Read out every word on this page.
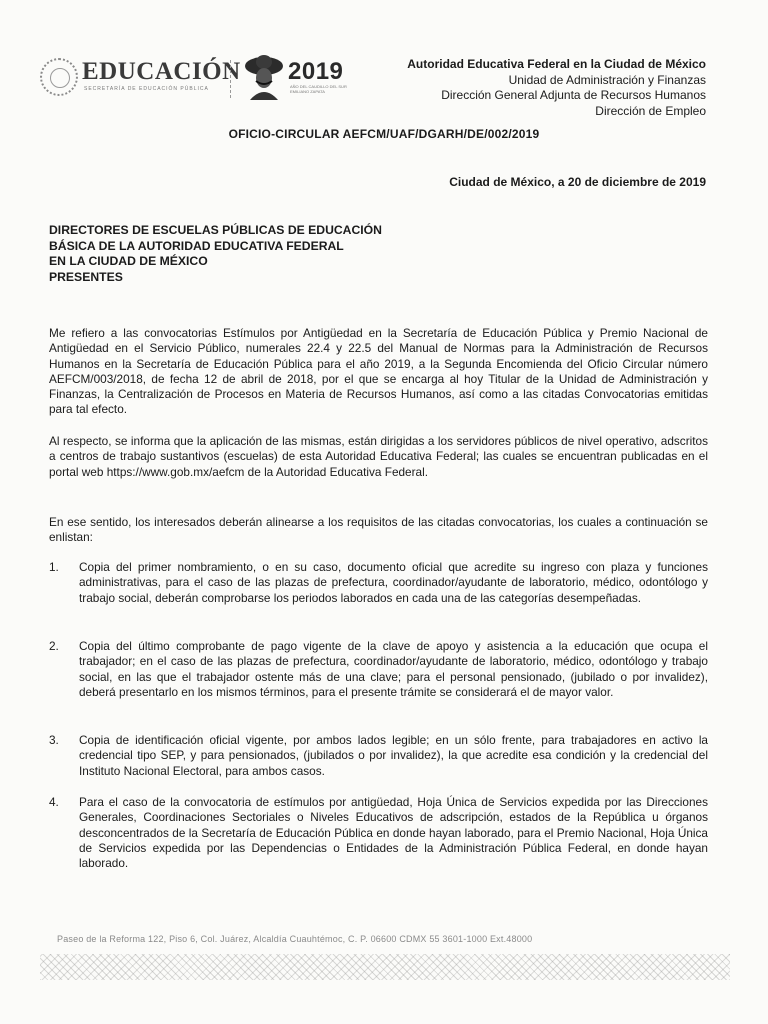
EDUCACIÓN
SECRETARÍA DE EDUCACIÓN PÚBLICA
2019
AÑO DEL CAUDILLO DEL SUR
EMILIANO ZAPATA
Autoridad Educativa Federal en la Ciudad de México
Unidad de Administración y Finanzas
Dirección General Adjunta de Recursos Humanos
Dirección de Empleo
OFICIO-CIRCULAR AEFCM/UAF/DGARH/DE/002/2019
Ciudad de México, a 20 de diciembre de 2019
DIRECTORES DE ESCUELAS PÚBLICAS DE EDUCACIÓN
BÁSICA DE LA AUTORIDAD EDUCATIVA FEDERAL
EN LA CIUDAD DE MÉXICO
PRESENTES
Me refiero a las convocatorias Estímulos por Antigüedad en la Secretaría de Educación Pública y Premio Nacional de Antigüedad en el Servicio Público, numerales 22.4 y 22.5 del Manual de Normas para la Administración de Recursos Humanos en la Secretaría de Educación Pública para el año 2019, a la Segunda Encomienda del Oficio Circular número AEFCM/003/2018, de fecha 12 de abril de 2018, por el que se encarga al hoy Titular de la Unidad de Administración y Finanzas, la Centralización de Procesos en Materia de Recursos Humanos, así como a las citadas Convocatorias emitidas para tal efecto.
Al respecto, se informa que la aplicación de las mismas, están dirigidas a los servidores públicos de nivel operativo, adscritos a centros de trabajo sustantivos (escuelas) de esta Autoridad Educativa Federal; las cuales se encuentran publicadas en el portal web https://www.gob.mx/aefcm de la Autoridad Educativa Federal.
En ese sentido, los interesados deberán alinearse a los requisitos de las citadas convocatorias, los cuales a continuación se enlistan:
1. Copia del primer nombramiento, o en su caso, documento oficial que acredite su ingreso con plaza y funciones administrativas, para el caso de las plazas de prefectura, coordinador/ayudante de laboratorio, médico, odontólogo y trabajo social, deberán comprobarse los periodos laborados en cada una de las categorías desempeñadas.
2. Copia del último comprobante de pago vigente de la clave de apoyo y asistencia a la educación que ocupa el trabajador; en el caso de las plazas de prefectura, coordinador/ayudante de laboratorio, médico, odontólogo y trabajo social, en las que el trabajador ostente más de una clave; para el personal pensionado, (jubilado o por invalidez), deberá presentarlo en los mismos términos, para el presente trámite se considerará el de mayor valor.
3. Copia de identificación oficial vigente, por ambos lados legible; en un sólo frente, para trabajadores en activo la credencial tipo SEP, y para pensionados, (jubilados o por invalidez), la que acredite esa condición y la credencial del Instituto Nacional Electoral, para ambos casos.
4. Para el caso de la convocatoria de estímulos por antigüedad, Hoja Única de Servicios expedida por las Direcciones Generales, Coordinaciones Sectoriales o Niveles Educativos de adscripción, estados de la República u órganos desconcentrados de la Secretaría de Educación Pública en donde hayan laborado, para el Premio Nacional, Hoja Única de Servicios expedida por las Dependencias o Entidades de la Administración Pública Federal, en donde hayan laborado.
Paseo de la Reforma 122, Piso 6, Col. Juárez, Alcaldía Cuauhtémoc, C. P. 06600 CDMX 55 3601-1000 Ext.48000
